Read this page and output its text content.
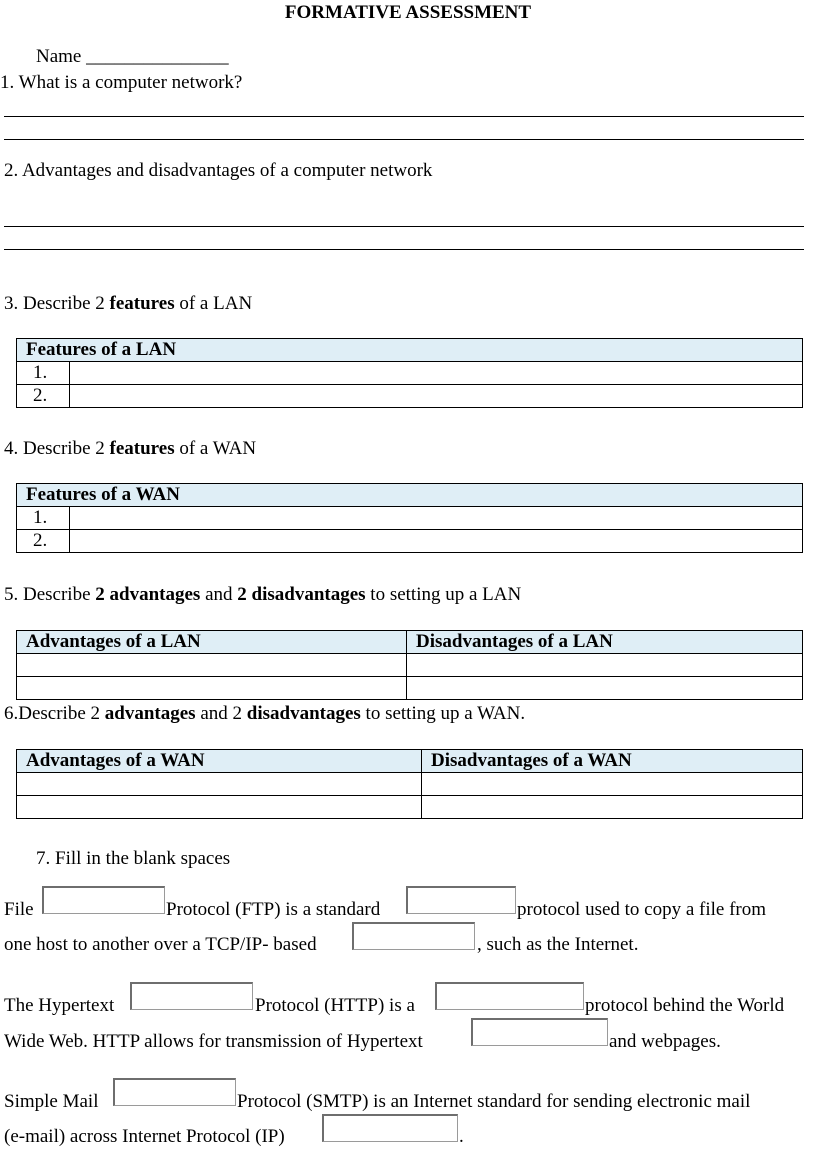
FORMATIVE ASSESSMENT
Name _______________
1. What is a computer network?
2. Advantages and disadvantages of a computer network
3. Describe 2 features of a LAN
Features of a LAN	
1.	
2.	
4. Describe 2 features of a WAN
Features of a WAN	
1.	
2.	
5. Describe 2 advantages and 2 disadvantages to setting up a LAN
Advantages of a LAN	Disadvantages of a LAN

6.Describe 2 advantages and 2 disadvantages to setting up a WAN.
Advantages of a WAN	Disadvantages of a WAN

7. Fill in the blank spaces
File	Protocol (FTP) is a standard	protocol used to copy a file from
one host to another over a TCP/IP- based	, such as the Internet.
The Hypertext	Protocol (HTTP) is a	protocol behind the World
Wide Web. HTTP allows for transmission of Hypertext	and webpages.
Simple Mail	Protocol (SMTP) is an Internet standard for sending electronic mail
(e-mail) across Internet Protocol (IP)	.
